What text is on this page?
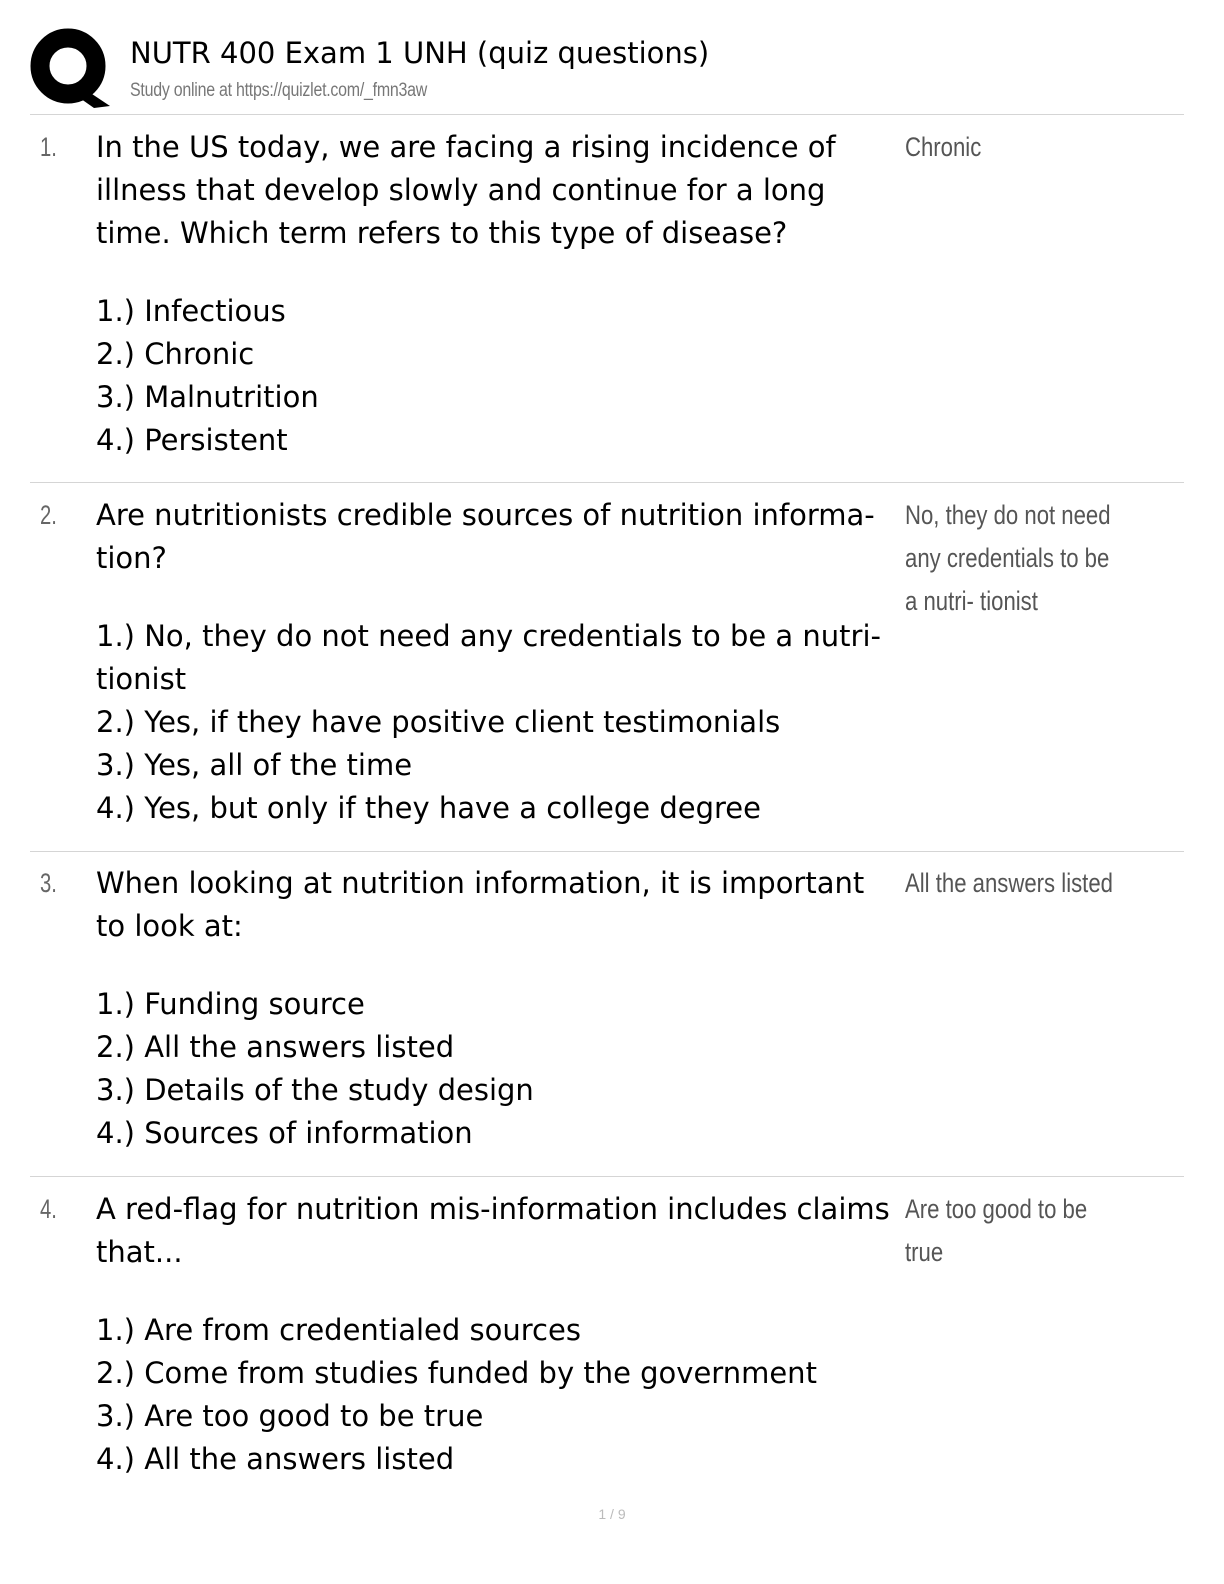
NUTR 400 Exam 1 UNH (quiz questions)
Study online at https://quizlet.com/_fmn3aw
1. In the US today, we are facing a rising incidence of illness that develop slowly and continue for a long time. Which term refers to this type of disease?
1.) Infectious
2.) Chronic
3.) Malnutrition
4.) Persistent
Chronic
2. Are nutritionists credible sources of nutrition informa- tion?
1.) No, they do not need any credentials to be a nutri-
tionist
2.) Yes, if they have positive client testimonials
3.) Yes, all of the time
4.) Yes, but only if they have a college degree
No, they do not need any credentials to be a nutri- tionist
3. When looking at nutrition information, it is important to look at:
1.) Funding source
2.) All the answers listed
3.) Details of the study design
4.) Sources of information
All the answers listed
4. A red-flag for nutrition mis-information includes claims that...
1.) Are from credentialed sources
2.) Come from studies funded by the government
3.) Are too good to be true
4.) All the answers listed
Are too good to be true
1 / 9
